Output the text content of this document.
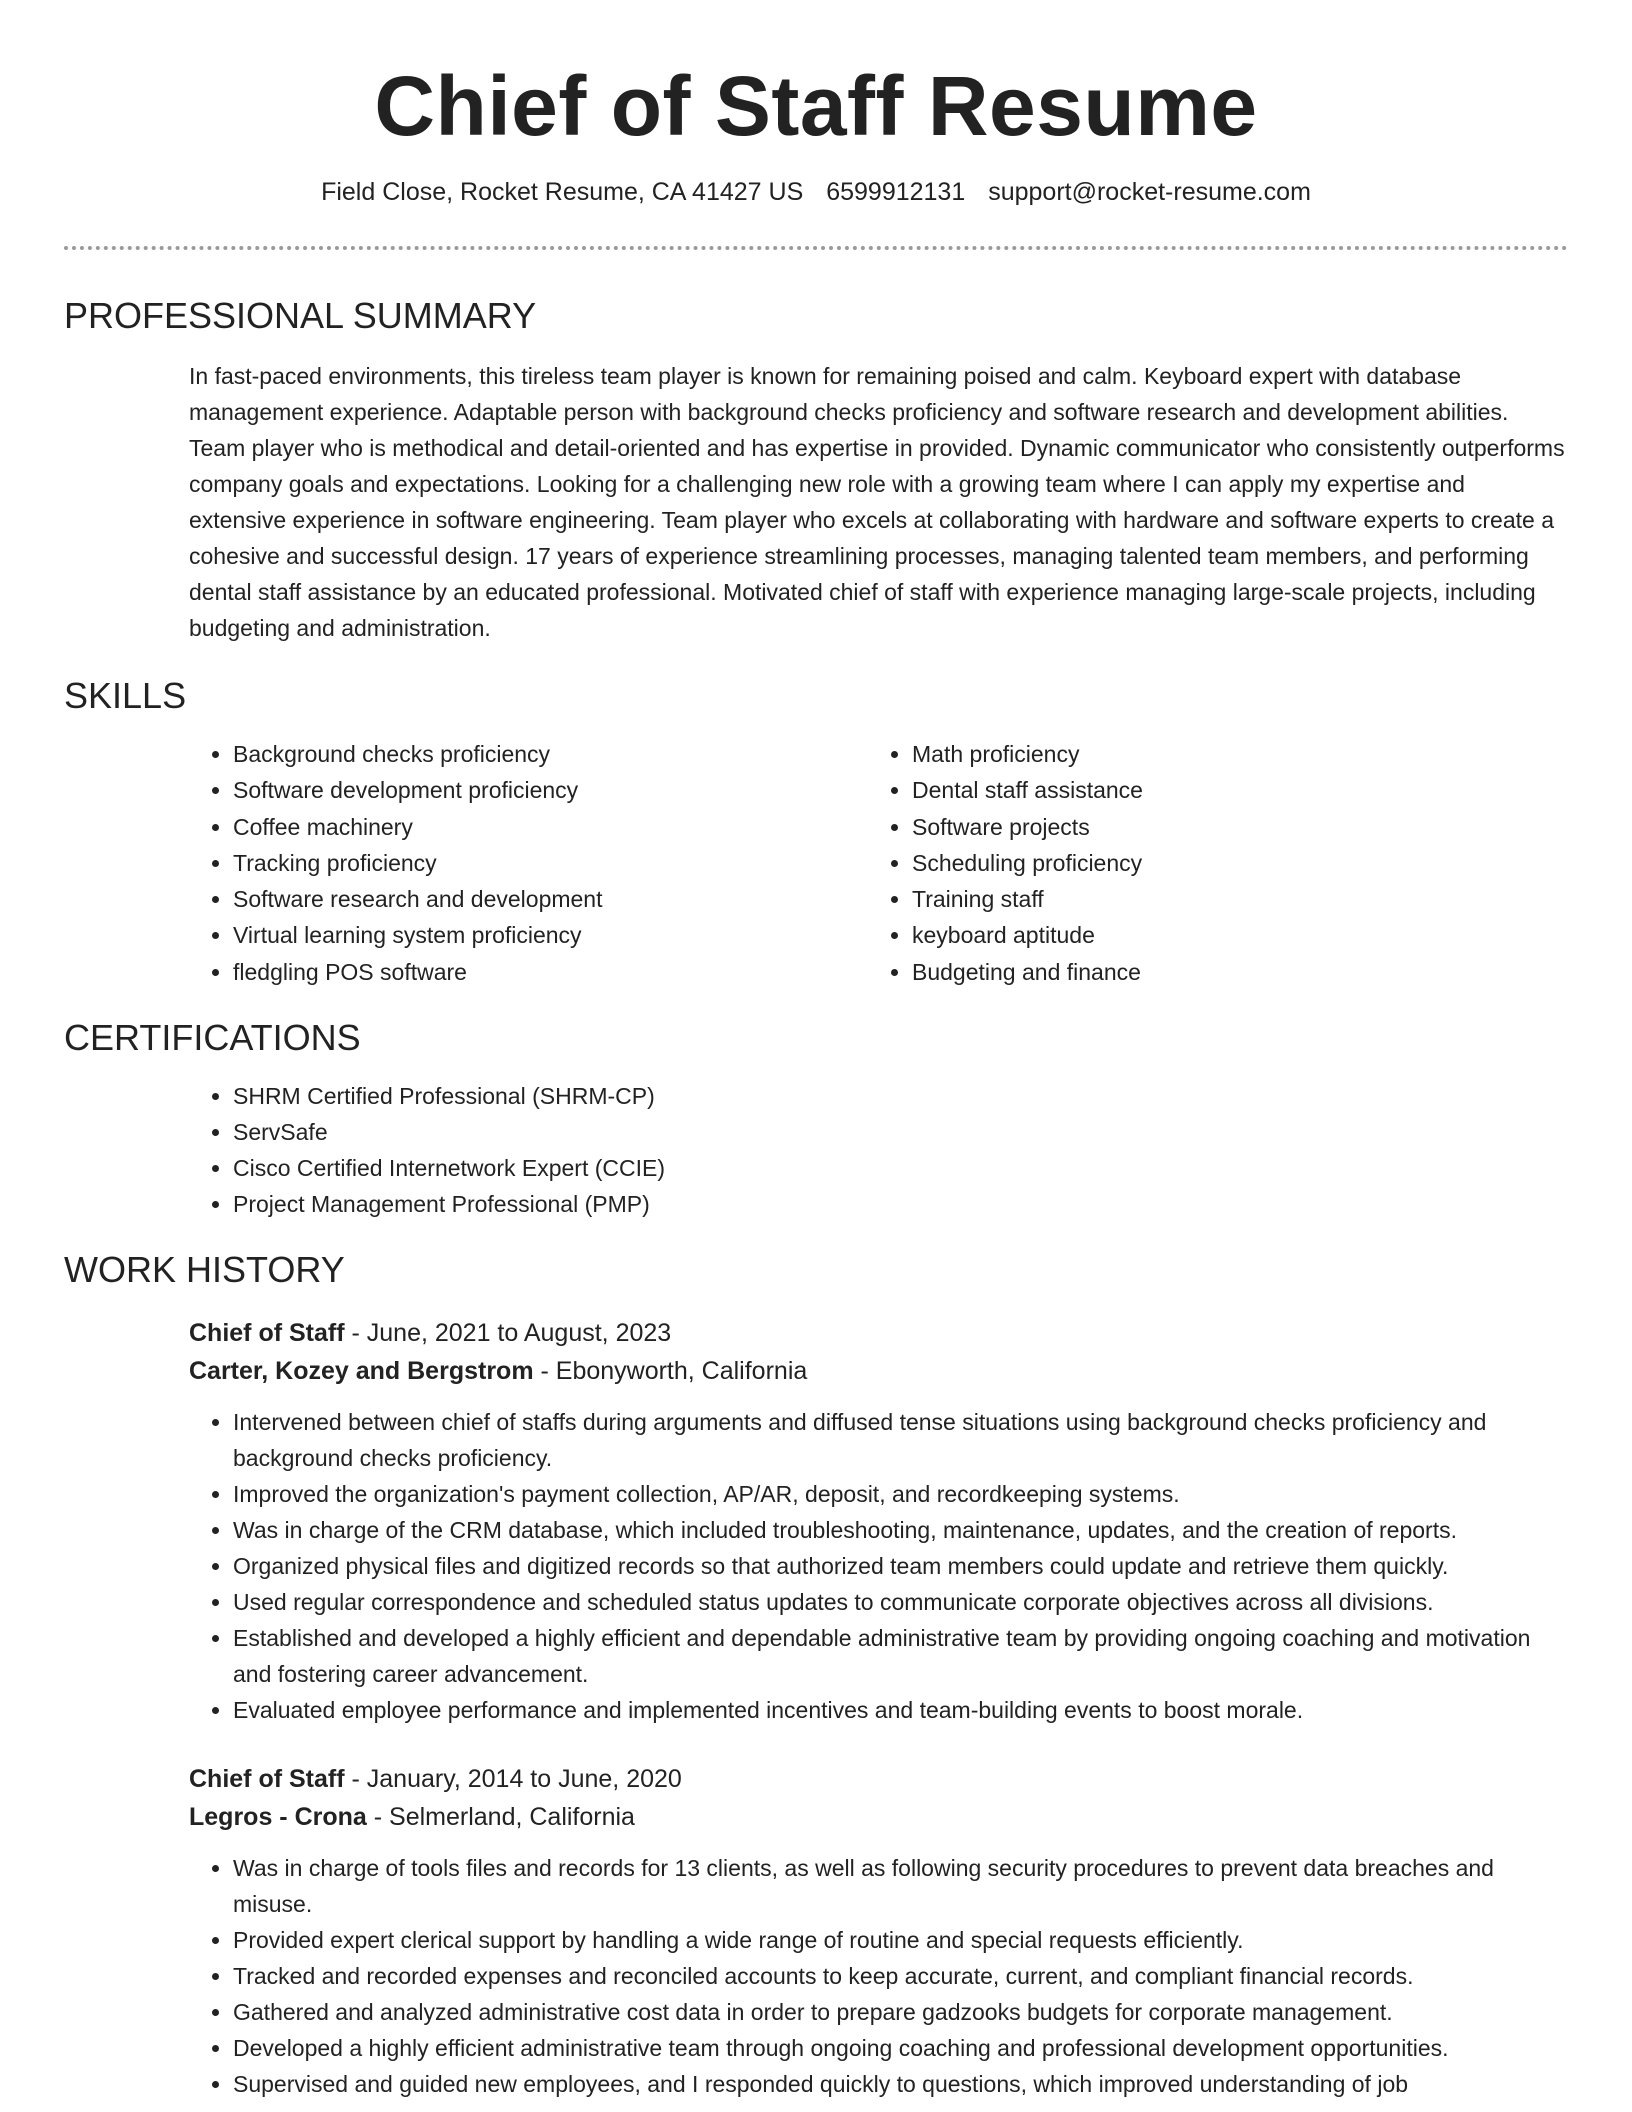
Chief of Staff Resume
Field Close, Rocket Resume, CA 41427 US 6599912131 support@rocket-resume.com
PROFESSIONAL SUMMARY
In fast-paced environments, this tireless team player is known for remaining poised and calm. Keyboard expert with database management experience. Adaptable person with background checks proficiency and software research and development abilities. Team player who is methodical and detail-oriented and has expertise in provided. Dynamic communicator who consistently outperforms company goals and expectations. Looking for a challenging new role with a growing team where I can apply my expertise and extensive experience in software engineering. Team player who excels at collaborating with hardware and software experts to create a cohesive and successful design. 17 years of experience streamlining processes, managing talented team members, and performing dental staff assistance by an educated professional. Motivated chief of staff with experience managing large-scale projects, including budgeting and administration.
SKILLS
• Background checks proficiency
• Software development proficiency
• Coffee machinery
• Tracking proficiency
• Software research and development
• Virtual learning system proficiency
• fledgling POS software
• Math proficiency
• Dental staff assistance
• Software projects
• Scheduling proficiency
• Training staff
• keyboard aptitude
• Budgeting and finance
CERTIFICATIONS
• SHRM Certified Professional (SHRM-CP)
• ServSafe
• Cisco Certified Internetwork Expert (CCIE)
• Project Management Professional (PMP)
WORK HISTORY
Chief of Staff - June, 2021 to August, 2023
Carter, Kozey and Bergstrom - Ebonyworth, California
• Intervened between chief of staffs during arguments and diffused tense situations using background checks proficiency and background checks proficiency.
• Improved the organization's payment collection, AP/AR, deposit, and recordkeeping systems.
• Was in charge of the CRM database, which included troubleshooting, maintenance, updates, and the creation of reports.
• Organized physical files and digitized records so that authorized team members could update and retrieve them quickly.
• Used regular correspondence and scheduled status updates to communicate corporate objectives across all divisions.
• Established and developed a highly efficient and dependable administrative team by providing ongoing coaching and motivation and fostering career advancement.
• Evaluated employee performance and implemented incentives and team-building events to boost morale.
Chief of Staff - January, 2014 to June, 2020
Legros - Crona - Selmerland, California
• Was in charge of tools files and records for 13 clients, as well as following security procedures to prevent data breaches and misuse.
• Provided expert clerical support by handling a wide range of routine and special requests efficiently.
• Tracked and recorded expenses and reconciled accounts to keep accurate, current, and compliant financial records.
• Gathered and analyzed administrative cost data in order to prepare gadzooks budgets for corporate management.
• Developed a highly efficient administrative team through ongoing coaching and professional development opportunities.
• Supervised and guided new employees, and I responded quickly to questions, which improved understanding of job
